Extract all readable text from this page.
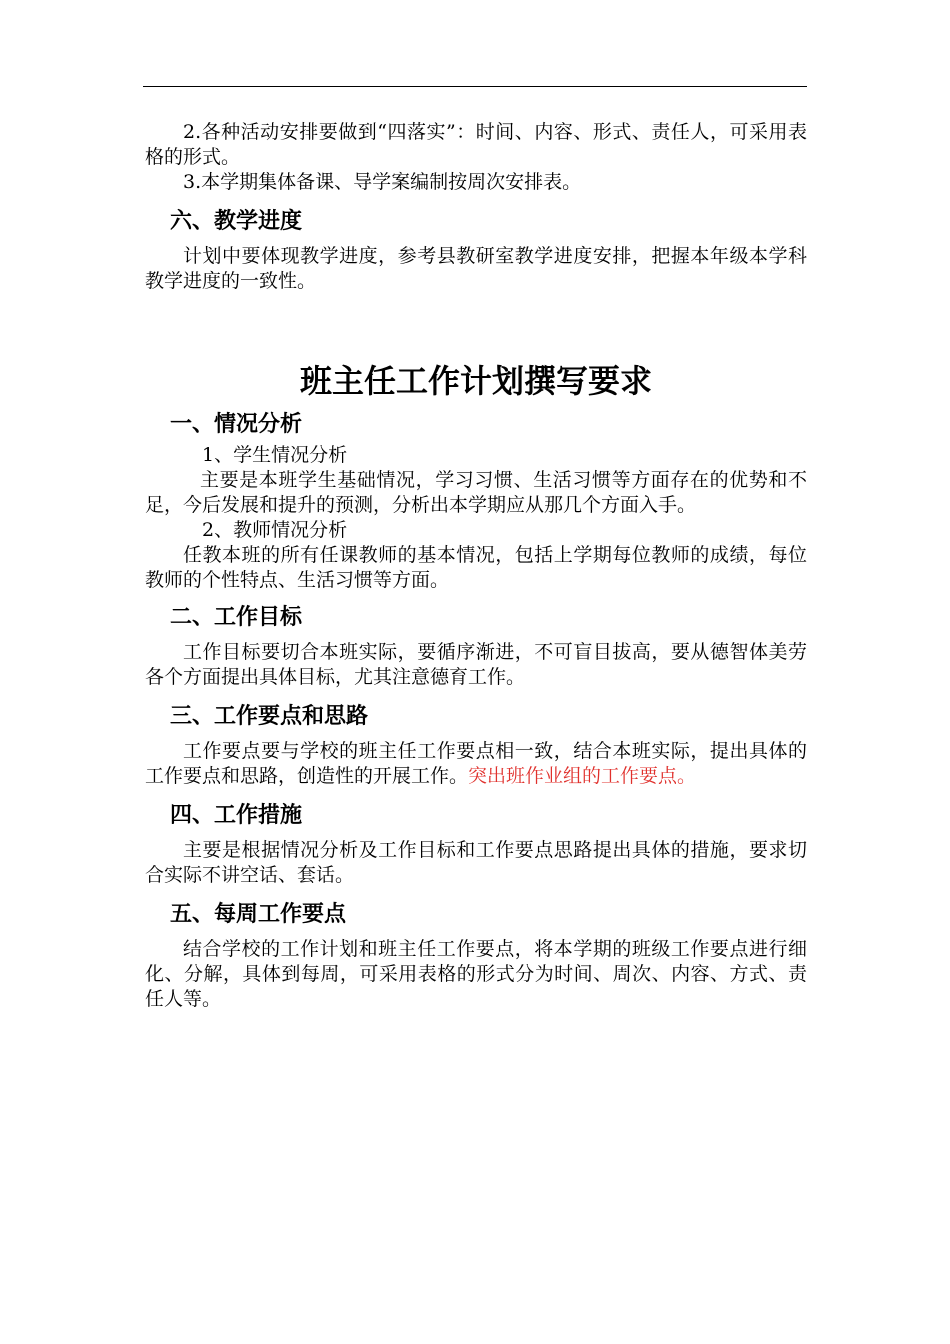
2.各种活动安排要做到“四落实”：时间、内容、形式、责任人，可采用表格的形式。

3.本学期集体备课、导学案编制按周次安排表。

六、教学进度

计划中要体现教学进度，参考县教研室教学进度安排，把握本年级本学科教学进度的一致性。

班主任工作计划撰写要求
一、情况分析

1、学生情况分析

主要是本班学生基础情况，学习习惯、生活习惯等方面存在的优势和不足，今后发展和提升的预测，分析出本学期应从那几个方面入手。

2、教师情况分析

任教本班的所有任课教师的基本情况，包括上学期每位教师的成绩，每位教师的个性特点、生活习惯等方面。

二、工作目标

工作目标要切合本班实际，要循序渐进，不可盲目拔高，要从德智体美劳各个方面提出具体目标，尤其注意德育工作。

三、工作要点和思路

工作要点要与学校的班主任工作要点相一致，结合本班实际，提出具体的工作要点和思路，创造性的开展工作。突出班作业组的工作要点。

四、工作措施

主要是根据情况分析及工作目标和工作要点思路提出具体的措施，要求切合实际不讲空话、套话。

五、每周工作要点

结合学校的工作计划和班主任工作要点，将本学期的班级工作要点进行细化、分解，具体到每周，可采用表格的形式分为时间、周次、内容、方式、责任人等。
